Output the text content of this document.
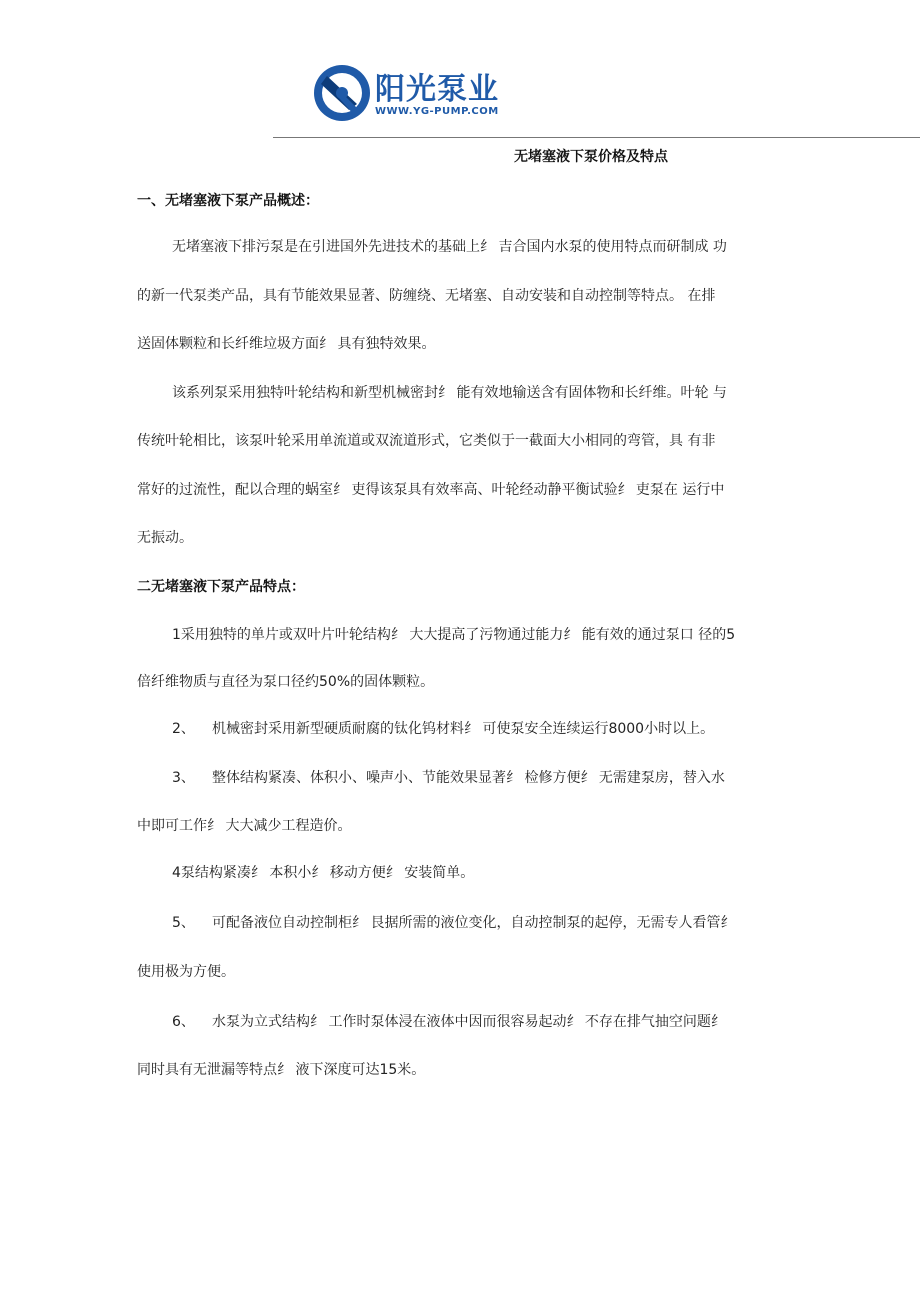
阳光泵业
WWW.YG-PUMP.COM
无堵塞液下泵价格及特点
一、无堵塞液下泵产品概述：
无堵塞液下排污泵是在引进国外先进技术的基础上纟 吉合国内水泵的使用特点而研制成 功
的新一代泵类产品，具有节能效果显著、防缠绕、无堵塞、自动安装和自动控制等特点。 在排
送固体颗粒和长纤维垃圾方面纟 具有独特效果。
该系列泵采用独特叶轮结构和新型机械密封纟 能有效地输送含有固体物和长纤维。叶轮 与
传统叶轮相比，该泵叶轮采用单流道或双流道形式，它类似于一截面大小相同的弯管，具 有非
常好的过流性，配以合理的蜗室纟 吏得该泵具有效率高、叶轮经动静平衡试验纟 吏泵在 运行中
无振动。
二无堵塞液下泵产品特点：
1采用独特的单片或双叶片叶轮结构纟 大大提高了污物通过能力纟 能有效的通过泵口 径的5
倍纤维物质与直径为泵口径约50%的固体颗粒。
2、 机械密封采用新型硬质耐腐的钛化钨材料纟 可使泵安全连续运行8000小时以上。
3、 整体结构紧凑、体积小、噪声小、节能效果显著纟 检修方便纟 无需建泵房，替入水
中即可工作纟 大大减少工程造价。
4泵结构紧凑纟 本积小纟 移动方便纟 安装简单。
5、 可配备液位自动控制柜纟 艮据所需的液位变化，自动控制泵的起停，无需专人看管纟
使用极为方便。
6、 水泵为立式结构纟 工作时泵体浸在液体中因而很容易起动纟 不存在排气抽空问题纟
同时具有无泄漏等特点纟 液下深度可达15米。
